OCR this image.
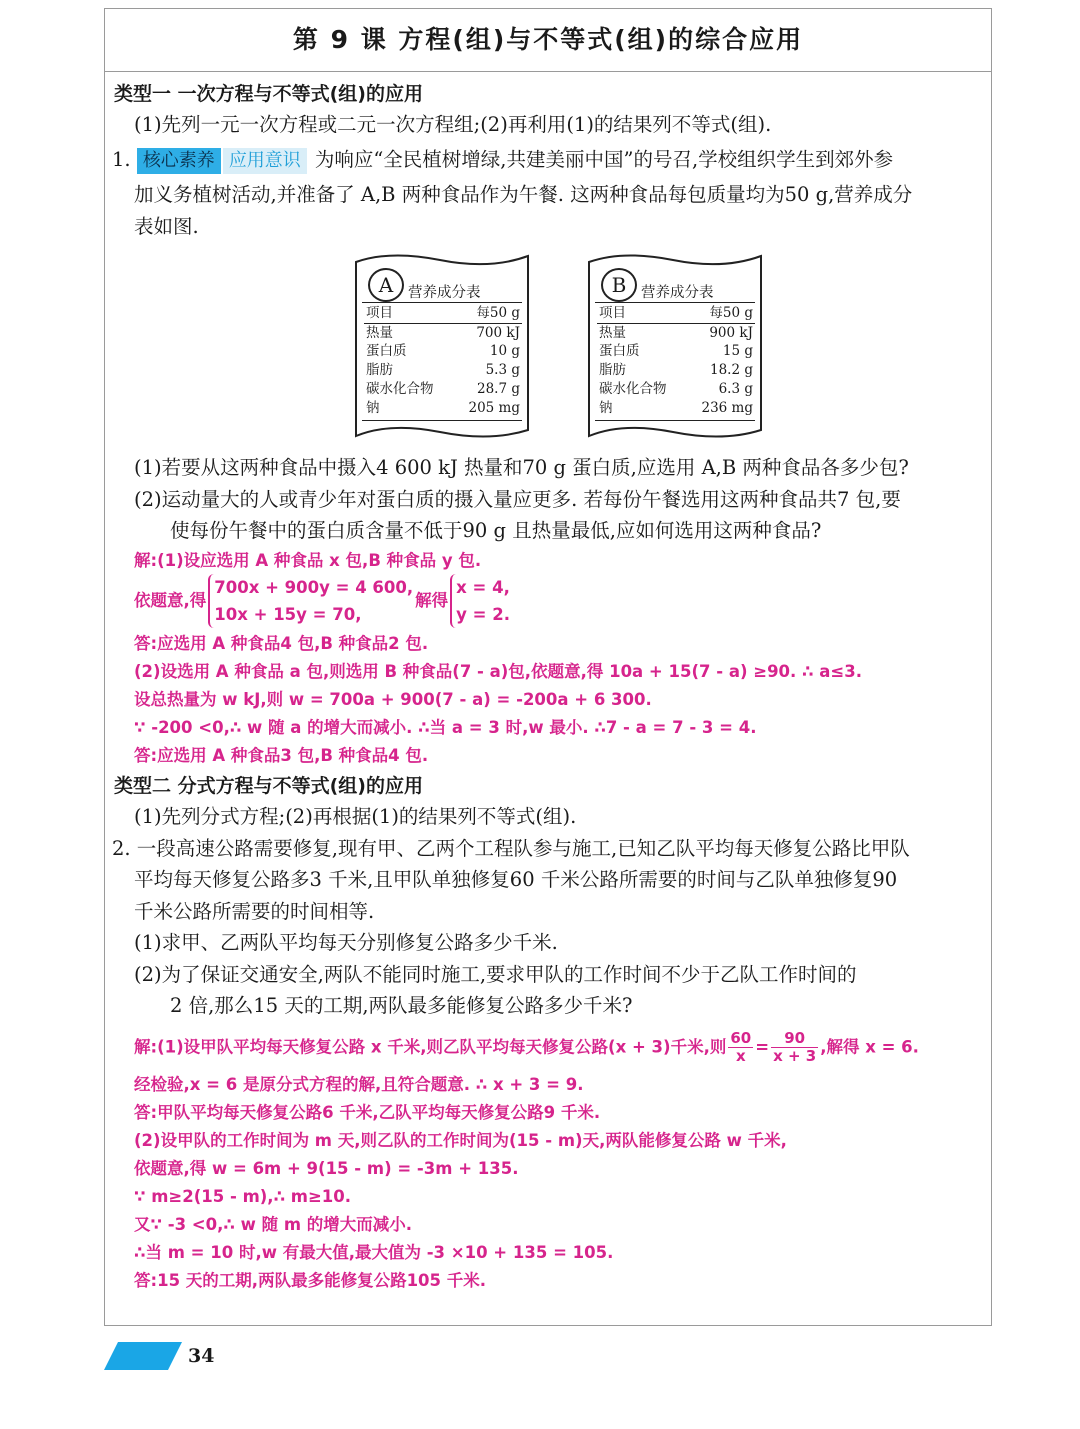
第 9 课 方程(组)与不等式(组)的综合应用
类型一 一次方程与不等式(组)的应用
(1)先列一元一次方程或二元一次方程组;(2)再利用(1)的结果列不等式(组).
1. 核心素养 应用意识 为响应“全民植树增绿,共建美丽中国”的号召,学校组织学生到郊外参
加义务植树活动,并准备了 A,B 两种食品作为午餐. 这两种食品每包质量均为50 g,营养成分
表如图.
A	营养成分表
项目	每50 g
热量	700 kJ
蛋白质	10 g
脂肪	5.3 g
碳水化合物	28.7 g
钠	205 mg
B	营养成分表
项目	每50 g
热量	900 kJ
蛋白质	15 g
脂肪	18.2 g
碳水化合物	6.3 g
钠	236 mg
(1)若要从这两种食品中摄入4 600 kJ 热量和70 g 蛋白质,应选用 A,B 两种食品各多少包?
(2)运动量大的人或青少年对蛋白质的摄入量应更多. 若每份午餐选用这两种食品共7 包,要
使每份午餐中的蛋白质含量不低于90 g 且热量最低,应如何选用这两种食品?
解:(1)设应选用 A 种食品 x 包,B 种食品 y 包.
依题意,得
700x + 900y = 4 600,
10x + 15y = 70,
解得
x = 4,
y = 2.
答:应选用 A 种食品4 包,B 种食品2 包.
(2)设选用 A 种食品 a 包,则选用 B 种食品(7 - a)包,依题意,得 10a + 15(7 - a) ≥90. ∴ a≤3.
设总热量为 w kJ,则 w = 700a + 900(7 - a) = -200a + 6 300.
∵ -200 <0,∴ w 随 a 的增大而减小. ∴当 a = 3 时,w 最小. ∴7 - a = 7 - 3 = 4.
答:应选用 A 种食品3 包,B 种食品4 包.
类型二 分式方程与不等式(组)的应用
(1)先列分式方程;(2)再根据(1)的结果列不等式(组).
2. 一段高速公路需要修复,现有甲、乙两个工程队参与施工,已知乙队平均每天修复公路比甲队
平均每天修复公路多3 千米,且甲队单独修复60 千米公路所需要的时间与乙队单独修复90
千米公路所需要的时间相等.
(1)求甲、乙两队平均每天分别修复公路多少千米.
(2)为了保证交通安全,两队不能同时施工,要求甲队的工作时间不少于乙队工作时间的
2 倍,那么15 天的工期,两队最多能修复公路多少千米?
解:(1)设甲队平均每天修复公路 x 千米,则乙队平均每天修复公路(x + 3)千米,则 $\frac{60}{x} = \frac{90}{x + 3}$ ,解得 x = 6.
经检验,x = 6 是原分式方程的解,且符合题意. ∴ x + 3 = 9.
答:甲队平均每天修复公路6 千米,乙队平均每天修复公路9 千米.
(2)设甲队的工作时间为 m 天,则乙队的工作时间为(15 - m)天,两队能修复公路 w 千米,
依题意,得 w = 6m + 9(15 - m) = -3m + 135.
∵ m≥2(15 - m),∴ m≥10.
又∵ -3 <0,∴ w 随 m 的增大而减小.
∴当 m = 10 时,w 有最大值,最大值为 -3 ×10 + 135 = 105.
答:15 天的工期,两队最多能修复公路105 千米.
34
